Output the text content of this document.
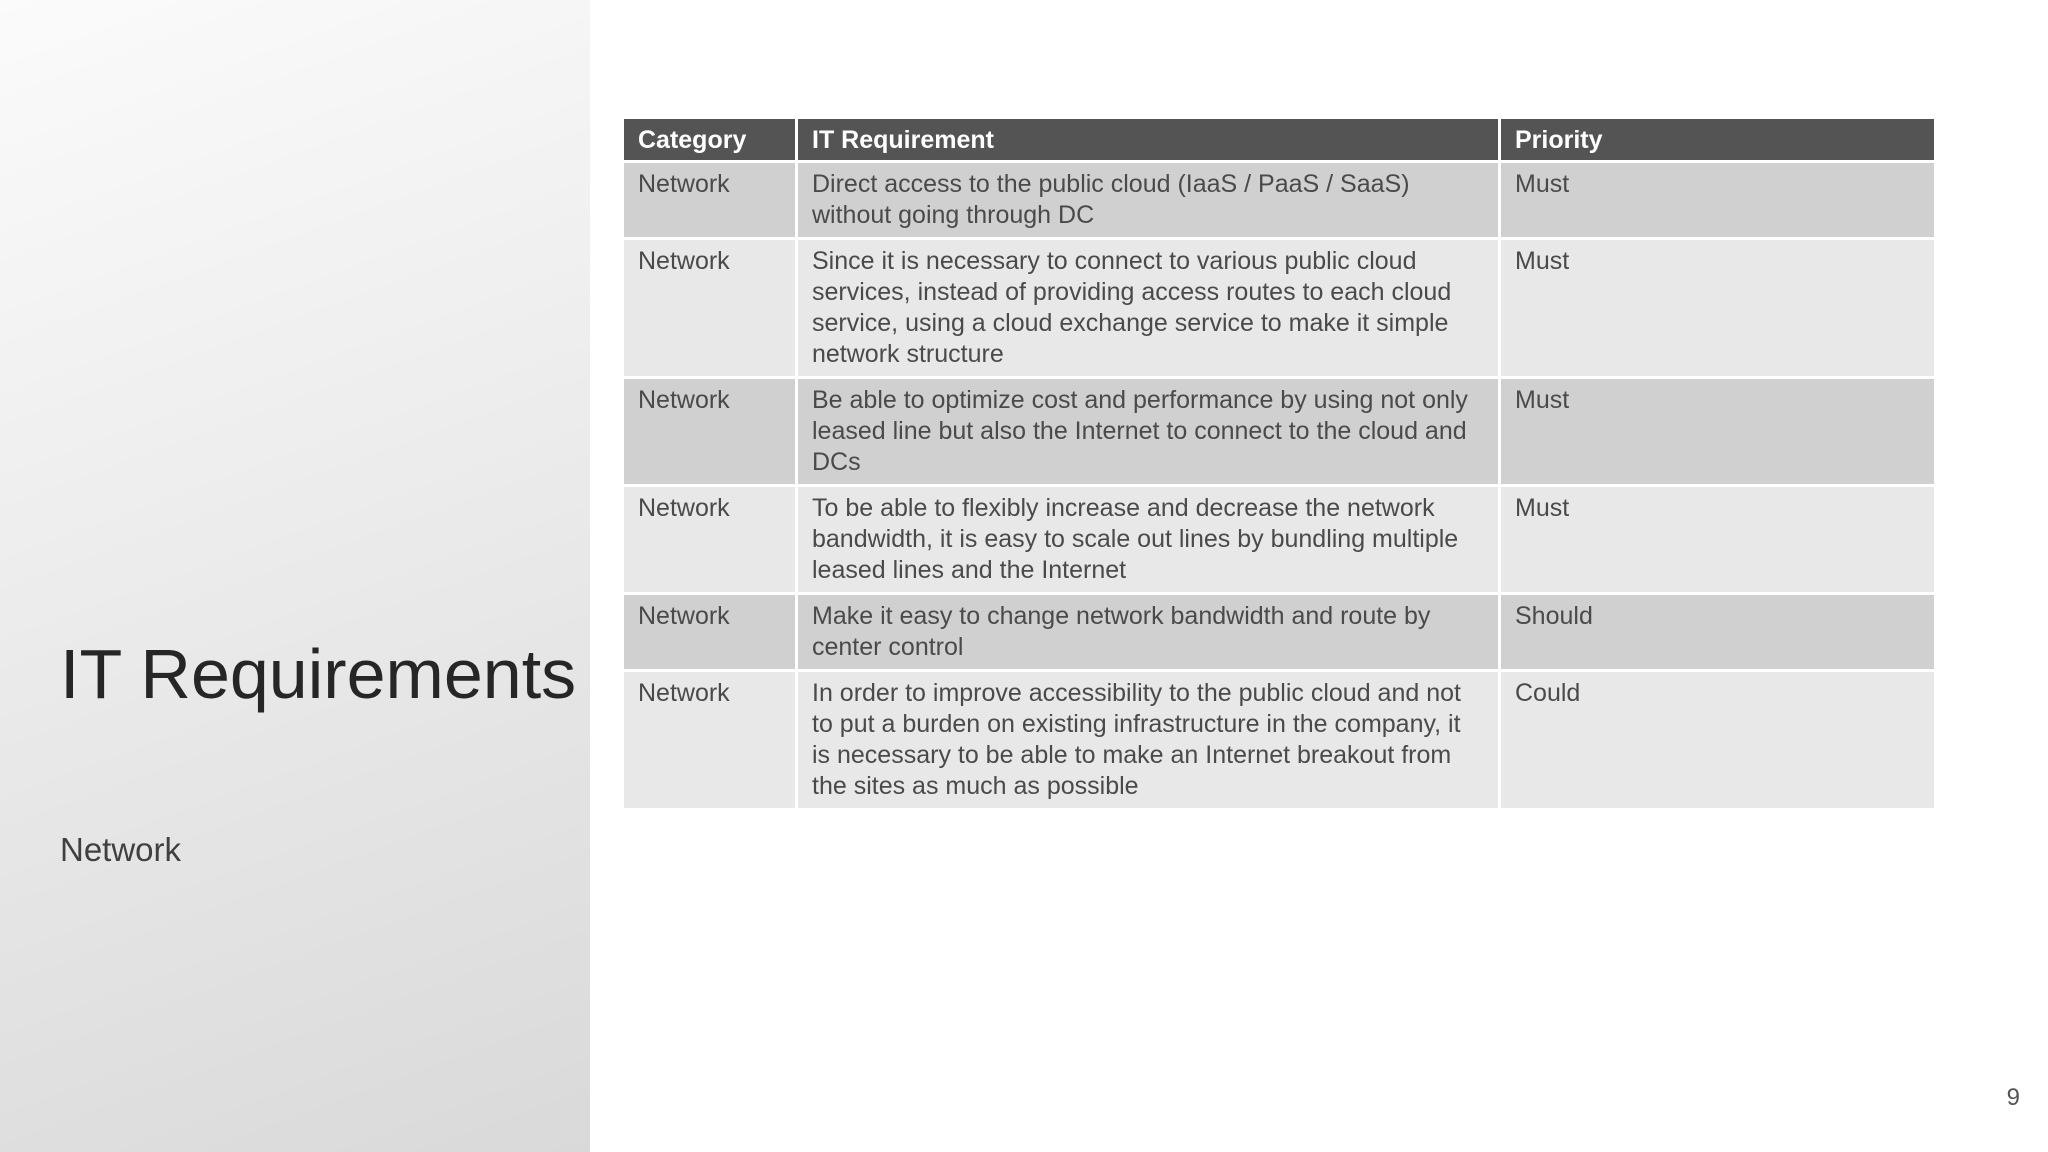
IT Requirements
Network
Category	IT Requirement	Priority
Network	Direct access to the public cloud (IaaS / PaaS / SaaS) without going through DC	Must
Network	Since it is necessary to connect to various public cloud services, instead of providing access routes to each cloud service, using a cloud exchange service to make it simple network structure	Must
Network	Be able to optimize cost and performance by using not only leased line but also the Internet to connect to the cloud and DCs	Must
Network	To be able to flexibly increase and decrease the network bandwidth, it is easy to scale out lines by bundling multiple leased lines and the Internet	Must
Network	Make it easy to change network bandwidth and route by center control	Should
Network	In order to improve accessibility to the public cloud and not to put a burden on existing infrastructure in the company, it is necessary to be able to make an Internet breakout from the sites as much as possible	Could
9
